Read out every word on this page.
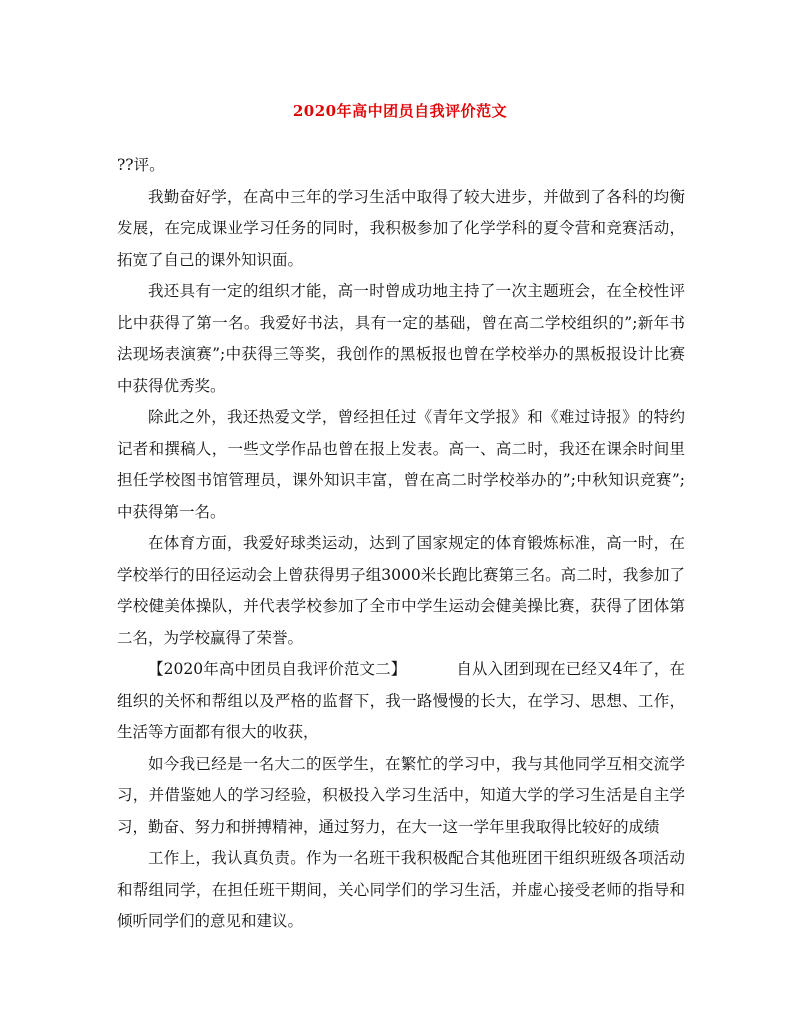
2020年高中团员自我评价范文

??评。

我勤奋好学，在高中三年的学习生活中取得了较大进步，并做到了各科的均衡发展，在完成课业学习任务的同时，我积极参加了化学学科的夏令营和竞赛活动，拓宽了自己的课外知识面。

我还具有一定的组织才能，高一时曾成功地主持了一次主题班会，在全校性评比中获得了第一名。我爱好书法，具有一定的基础，曾在高二学校组织的”;新年书法现场表演赛”;中获得三等奖，我创作的黑板报也曾在学校举办的黑板报设计比赛中获得优秀奖。

除此之外，我还热爱文学，曾经担任过《青年文学报》和《难过诗报》的特约记者和撰稿人，一些文学作品也曾在报上发表。高一、高二时，我还在课余时间里担任学校图书馆管理员，课外知识丰富，曾在高二时学校举办的”;中秋知识竞赛”;中获得第一名。

在体育方面，我爱好球类运动，达到了国家规定的体育锻炼标准，高一时，在学校举行的田径运动会上曾获得男子组3000米长跑比赛第三名。高二时，我参加了学校健美体操队，并代表学校参加了全市中学生运动会健美操比赛，获得了团体第二名，为学校赢得了荣誉。

【2020年高中团员自我评价范文二】	自从入团到现在已经又4年了，在组织的关怀和帮组以及严格的监督下，我一路慢慢的长大，在学习、思想、工作，生活等方面都有很大的收获，

如今我已经是一名大二的医学生，在繁忙的学习中，我与其他同学互相交流学习，并借鉴她人的学习经验，积极投入学习生活中，知道大学的学习生活是自主学习，勤奋、努力和拼搏精神，通过努力，在大一这一学年里我取得比较好的成绩

工作上，我认真负责。作为一名班干我积极配合其他班团干组织班级各项活动和帮组同学，在担任班干期间，关心同学们的学习生活，并虚心接受老师的指导和倾听同学们的意见和建议。
